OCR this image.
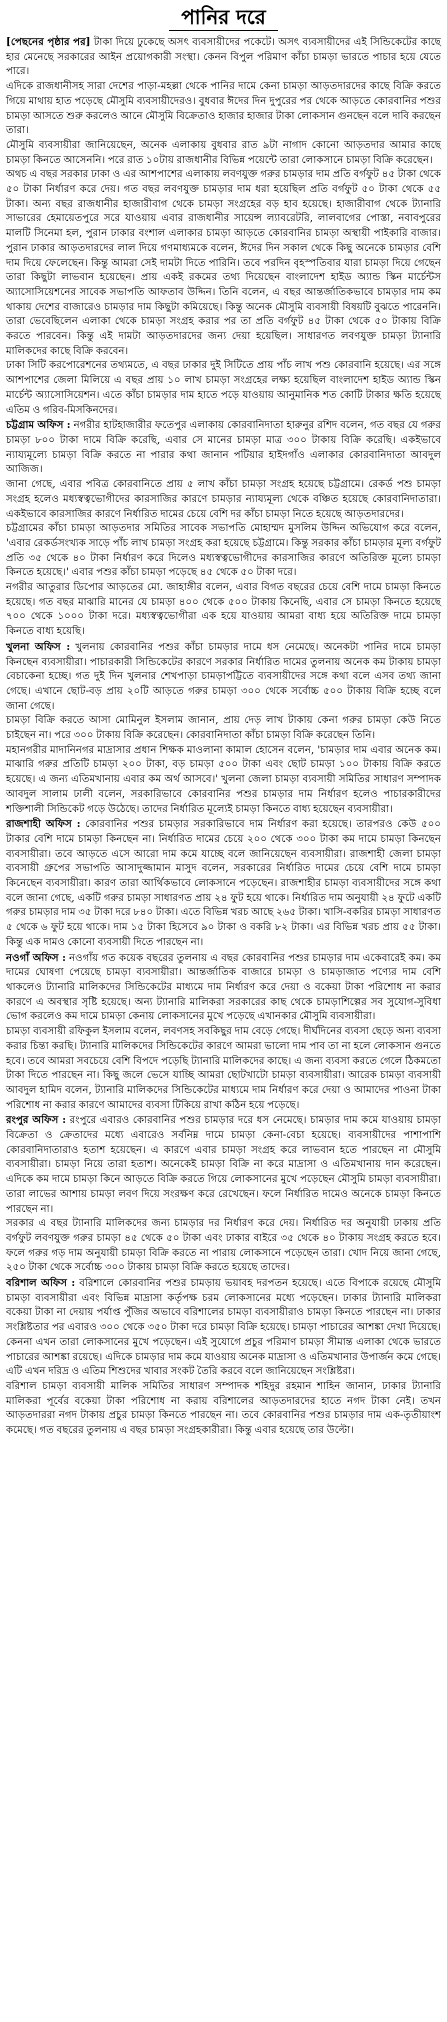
পানির দরে

[পেছনের পৃষ্ঠার পর] টাকা দিয়ে ঢুকেছে অসৎ ব্যবসায়ীদের পকেটে। অসৎ ব্যবসায়ীদের এই সিন্ডিকেটের কাছে হার মেনেছে সরকারের আইন প্রয়োগকারী সংস্থা। কেনন বিপুল পরিমাণ কাঁচা চামড়া ভারতে পাচার হয়ে যেতে পারে।

এদিকে রাজধানীসহ সারা দেশের পাড়া-মহল্লা থেকে পানির দামে কেনা চামড়া আড়তদারদের কাছে বিক্রি করতে গিয়ে মাথায় হাত পড়েছে মৌসুমি ব্যবসায়ীদেরও। বুধবার ঈদের দিন দুপুরের পর থেকে আড়তে কোরবানির পশুর চামড়া আসতে শুরু করলেও আনে মৌসুমি বিক্রেতাও হাজার হাজার টাকা লোকসান গুনছেন বলে দাবি করছেন তারা।

মৌসুমি ব্যবসায়ীরা জানিয়েছেন, অনেক এলাকায় বুধবার রাত ৯টা নাগাদ কোনো আড়তদার আমার কাছে চামড়া কিনতে আসেননি। পরে রাত ১০টায় রাজধানীর বিভিন্ন পয়েন্টে তারা লোকসানে চামড়া বিক্রি করেছেন।

অথচ এ বছর সরকার ঢাকা ও এর আশপাশের এলাকায় লবণযুক্ত গরুর চামড়ার দাম প্রতি বর্গফুট ৪৫ টাকা থেকে ৫০ টাকা নির্ধারণ করে দেয়। গত বছর লবণযুক্ত চামড়ার দাম ধরা হয়েছিল প্রতি বর্গফুট ৫০ টাকা থেকে ৫৫ টাকা। অন্য বছর রাজধানীর হাজারীবাগ থেকে চামড়া সংগ্রহের বড় হাব হয়েছে। হাজারীবাগ থেকে ট্যানারি সাভারের হেমায়েতপুরে সরে যাওয়ায় এবার রাজধানীর সায়েন্স ল্যাবরেটরি, লালবাগের পোস্তা, নবাবপুরের মালটি সিনেমা হল, পুরান ঢাকার বংশাল এলাকার চামড়া আড়তে কোরবানির চামড়া অস্থায়ী পাইকারি বাজার। পুরান ঢাকার আড়তদারদের লাল দিয়ে গণমাধ্যমকে বলেন, ঈদের দিন সকাল থেকে কিছু অনেকে চামড়ার বেশি দাম দিয়ে ফেলেছেন। কিন্তু আমরা সেই দামটা দিতে পারিনি। তবে পরদিন বৃহস্পতিবার যারা চামড়া দিয়ে গেছেন তারা কিছুটা লাভবান হয়েছেন। প্রায় একই রকমের তথ্য দিয়েছেন বাংলাদেশ হাইড অ্যান্ড স্কিন মার্চেন্টস অ্যাসোসিয়েশনের সাবেক সভাপতি আফতাব উদ্দিন। তিনি বলেন, এ বছর আন্তর্জাতিকভাবে চামড়ার দাম কম থাকায় দেশের বাজারেও চামড়ার দাম কিছুটা কমিয়েছে। কিন্তু অনেক মৌসুমি ব্যবসায়ী বিষয়টি বুঝতে পারেননি। তারা ভেবেছিলেন এলাকা থেকে চামড়া সংগ্রহ করার পর তা প্রতি বর্গফুট ৪৫ টাকা থেকে ৫০ টাকায় বিক্রি করতে পারবেন। কিন্তু এই দামটা আড়তদারদের জন্য দেয়া হয়েছিল। সাধারণত লবণযুক্ত চামড়া ট্যানারি মালিকদের কাছে বিক্রি করবেন।

ঢাকা সিটি করপোরেশনের তথ্যমতে, এ বছর ঢাকার দুই সিটিতে প্রায় পাঁচ লাখ পশু কোরবানি হয়েছে। এর সঙ্গে আশপাশের জেলা মিলিয়ে এ বছর প্রায় ১০ লাখ চামড়া সংগ্রহের লক্ষ্য হয়েছিল বাংলাদেশ হাইড অ্যান্ড স্কিন মার্চেন্ট অ্যাসোসিয়েশন। এতে কাঁচা চামড়ার দাম হাতে পড়ে যাওয়ায় আনুমানিক শত কোটি টাকার ক্ষতি হয়েছে এতিম ও গরিব-মিসকিনদের।

চট্টগ্রাম অফিস : নগরীর হাটহাজারীর ফতেপুর এলাকায় কোরবানিদাতা হারুনুর রশিদ বলেন, গত বছর যে গরুর চামড়া ৮০০ টাকা দামে বিক্রি করেছি, এবার সে মানের চামড়া মাত্র ৩০০ টাকায় বিক্রি করেছি। একইভাবে ন্যায্যমূল্যে চামড়া বিক্রি করতে না পারার কথা জানান পটিয়ার হাইদগাঁও এলাকার কোরবানিদাতা আবদুল আজিজ।

জানা গেছে, এবার পবিত্র কোরবানিতে প্রায় ৫ লাখ কাঁচা চামড়া সংগ্রহ হয়েছে চট্টগ্রামে। রেকর্ড পশু চামড়া সংগ্রহ হলেও মধ্যস্বত্বভোগীদের কারসাজির কারণে চামড়ার ন্যায্যমূল্য থেকে বঞ্চিত হয়েছে কোরবানিদাতারা। একইভাবে কারসাজির কারণে নির্ধারিত দামের চেয়ে বেশি দর কাঁচা চামড়া নিতে হয়েছে আড়তদারদের।

চট্টগ্রামের কাঁচা চামড়া আড়তদার সমিতির সাবেক সভাপতি মোহাম্মদ মুসলিম উদ্দিন অভিযোগ করে বলেন, 'এবার রেকর্ডসংখ্যক সাড়ে পাঁচ লাখ চামড়া সংগ্রহ করা হয়েছে চট্টগ্রামে। কিন্তু সরকার কাঁচা চামড়ার মূল্য বর্গফুট প্রতি ৩৫ থেকে ৪০ টাকা নির্ধারণ করে দিলেও মধ্যস্বত্বভোগীদের কারসাজির কারণে অতিরিক্ত মূল্যে চামড়া কিনতে হয়েছে।' এবার পশুর কাঁচা চামড়া পড়েছে ৪৫ থেকে ৫০ টাকা দরে।

নগরীর আতুরার ডিপোর আড়তের মো. জাহাঙ্গীর বলেন, এবার বিগত বছরের চেয়ে বেশি দামে চামড়া কিনতে হয়েছে। গত বছর মাঝারি মানের যে চামড়া ৪০০ থেকে ৫০০ টাকায় কিনেছি, এবার সে চামড়া কিনতে হয়েছে ৭০০ থেকে ১০০০ টাকা দরে। মধ্যস্বত্বভোগীরা এক হয়ে যাওয়ায় আমরা বাধ্য হয়ে অতিরিক্ত দামে চামড়া কিনতে বাধ্য হয়েছি।

খুলনা অফিস : খুলনায় কোরবানির পশুর কাঁচা চামড়ার দামে ধস নেমেছে। অনেকটা পানির দামে চামড়া কিনছেন ব্যবসায়ীরা। পাচারকারী সিন্ডিকেটের কারণে সরকার নির্ধারিত দামের তুলনায় অনেক কম টাকায় চামড়া বেচাকেনা হচ্ছে। গত দুই দিন খুলনার শেখপাড়া চামড়াপট্টিতে ব্যবসায়ীদের সঙ্গে কথা বলে এসব তথ্য জানা গেছে। এখানে ছোট-বড় প্রায় ২০টি আড়তে গরুর চামড়া ৩০০ থেকে সর্বোচ্চ ৫০০ টাকায় বিক্রি হচ্ছে বলে জানা গেছে।

চামড়া বিক্রি করতে আসা মোমিনুল ইসলাম জানান, প্রায় দেড় লাখ টাকায় কেনা গরুর চামড়া কেউ নিতে চাইছেন না। পরে ৩০০ টাকায় বিক্রি করেছেন। কোরবানিদাতা কাঁচা চামড়া বিক্রি করেছেন তিনি।

মহানগরীর মাদানিনগর মাদ্রাসার প্রধান শিক্ষক মাওলানা কামাল হোসেন বলেন, 'চামড়ার দাম এবার অনেক কম। মাঝারি গরুর প্রতিটি চামড়া ২০০ টাকা, বড় চামড়া ৫০০ টাকা এবং ছোট চামড়া ১০০ টাকায় বিক্রি করতে হয়েছে। এ জন্য এতিমখানায় এবার কম অর্থ আসবে।' খুলনা জেলা চামড়া ব্যবসায়ী সমিতির সাধারণ সম্পাদক আবদুল সালাম ঢালী বলেন, সরকারিভাবে কোরবানির পশুর চামড়ার দাম নির্ধারণ হলেও পাচারকারীদের শক্তিশালী সিন্ডিকেট গড়ে উঠেছে। তাদের নির্ধারিত মূল্যেই চামড়া কিনতে বাধ্য হয়েছেন ব্যবসায়ীরা।

রাজশাহী অফিস : কোরবানির পশুর চামড়ার সরকারিভাবে দাম নির্ধারণ করা হয়েছে। তারপরও কেউ ৫০০ টাকার বেশি দামে চামড়া কিনছেন না। নির্ধারিত দামের চেয়ে ২০০ থেকে ৩০০ টাকা কম দামে চামড়া কিনছেন ব্যবসায়ীরা। তবে আড়তে এসে আরো দাম কমে যাচ্ছে বলে জানিয়েছেন ব্যবসায়ীরা। রাজশাহী জেলা চামড়া ব্যবসায়ী গ্রুপের সভাপতি আসাদুজ্জামান মাসুদ বলেন, সরকারের নির্ধারিত দামের চেয়ে বেশি দামে চামড়া কিনেছেন ব্যবসায়ীরা। কারণ তারা আর্থিকভাবে লোকসানে পড়েছেন। রাজশাহীর চামড়া ব্যবসায়ীদের সঙ্গে কথা বলে জানা গেছে, একটি গরুর চামড়া সাধারণত প্রায় ২৪ ফুট হয়ে থাকে। নির্ধারিত দাম অনুযায়ী ২৪ ফুটে একটি গরুর চামড়ার দাম ৩৫ টাকা দরে ৮৪০ টাকা। এতে বিভিন্ন খরচ আছে ২৬৫ টাকা। খাসি-বকরির চামড়া সাধারণত ৫ থেকে ৬ ফুট হয়ে থাকে। দাম ১৫ টাকা হিসেবে ৯০ টাকা ও বকরি ৮২ টাকা। এর বিভিন্ন খরচ প্রায় ৫৫ টাকা। কিন্তু এক দামও কোনো ব্যবসায়ী দিতে পারছেন না।

নওগাঁ অফিস : নওগাঁয় গত কয়েক বছরের তুলনায় এ বছর কোরবানির পশুর চামড়ার দাম একেবারেই কম। কম দামের ঘোষণা পেয়েছে চামড়া ব্যবসায়ীরা। আন্তর্জাতিক বাজারে চামড়া ও চামড়াজাত পণ্যের দাম বেশি থাকলেও ট্যানারি মালিকদের সিন্ডিকেটের মাধ্যমে দাম নির্ধারণ করে দেয়া ও বকেয়া টাকা পরিশোধ না করার কারণে এ অবস্থার সৃষ্টি হয়েছে। অন্য ট্যানারি মালিকরা সরকারের কাছ থেকে চামড়াশিল্পের সব সুযোগ-সুবিধা ভোগ করলেও কম দামে চামড়া কেনায় লোকসানের মুখে পড়েছে এখানকার মৌসুমি ব্যবসায়ীরা।

চামড়া ব্যবসায়ী রফিকুল ইসলাম বলেন, লবণসহ সবকিছুর দাম বেড়ে গেছে। দীর্ঘদিনের ব্যবসা ছেড়ে অন্য ব্যবসা করার চিন্তা করছি। ট্যানারি মালিকদের সিন্ডিকেটের কারণে আমরা ভালো দাম পাব তা না হলে লোকসান গুনতে হবে। তবে আমরা সবচেয়ে বেশি বিপদে পড়েছি ট্যানারি মালিকদের কাছে। এ জন্য ব্যবসা করতে গেলে ঠিকমতো টাকা দিতে পারছেন না। কিছু জলে ভেসে যাচ্ছি আমরা ছোটখাটো চামড়া ব্যবসায়ীরা। আরেক চামড়া ব্যবসায়ী আবদুল হামিদ বলেন, ট্যানারি মালিকদের সিন্ডিকেটের মাধ্যমে দাম নির্ধারণ করে দেয়া ও আমাদের পাওনা টাকা পরিশোধ না করার কারণে আমাদের ব্যবসা টিকিয়ে রাখা কঠিন হয়ে পড়েছে।

রংপুর অফিস : রংপুরে এবারও কোরবানির পশুর চামড়ার দরে ধস নেমেছে। চামড়ার দাম কমে যাওয়ায় চামড়া বিক্রেতা ও ক্রেতাদের মধ্যে এবারেও সর্বনিম্ন দামে চামড়া কেনা-বেচা হয়েছে। ব্যবসায়ীদের পাশাপাশি কোরবানিদাতারাও হতাশ হয়েছেন। এ কারণে এবার চামড়া সংগ্রহ করে লাভবান হতে পারছেন না মৌসুমি ব্যবসায়ীরা। চামড়া নিয়ে তারা হতাশ। অনেকেই চামড়া বিক্রি না করে মাদ্রাসা ও এতিমখানায় দান করেছেন। এদিকে কম দামে চামড়া কিনে আড়তে বিক্রি করতে গিয়ে লোকসানের মুখে পড়েছেন মৌসুমি চামড়া ব্যবসায়ীরা। তারা লাভের আশায় চামড়া লবণ দিয়ে সংরক্ষণ করে রেখেছেন। ফলে নির্ধারিত দামেও অনেকে চামড়া কিনতে পারছেন না।

সরকার এ বছর ট্যানারি মালিকদের জন্য চামড়ার দর নির্ধারণ করে দেয়। নির্ধারিত দর অনুযায়ী ঢাকায় প্রতি বর্গফুট লবণযুক্ত গরুর চামড়া ৪৫ থেকে ৫০ টাকা এবং ঢাকার বাইরে ৩৫ থেকে ৪০ টাকায় সংগ্রহ করতে হবে। ফলে গরুর গড় দাম অনুযায়ী চামড়া বিক্রি করতে না পারায় লোকসানে পড়েছেন তারা। খোদ নিয়ে জানা গেছে, ২৫০ টাকা থেকে সর্বোচ্চ ৩০০ টাকায় চামড়া বিক্রি করতে হয়েছে তাদের।

বরিশাল অফিস : বরিশালে কোরবানির পশুর চামড়ায় ভয়াবহ দরপতন হয়েছে। এতে বিপাকে রয়েছে মৌসুমি চামড়া ব্যবসায়ীরা এবং বিভিন্ন মাদ্রাসা কর্তৃপক্ষ চরম লোকসানের মধ্যে পড়েছেন। ঢাকার ট্যানারি মালিকরা বকেয়া টাকা না দেয়ায় পর্যাপ্ত পুঁজির অভাবে বরিশালের চামড়া ব্যবসায়ীরাও চামড়া কিনতে পারছেন না। ঢাকার সংশ্লিষ্টতার পর এবারও ৩০০ থেকে ৩৫০ টাকা দরে চামড়া বিক্রি হয়েছে। চামড়া পাচারের আশঙ্কা দেখা দিয়েছে। কেননা এখন তারা লোকসানের মুখে পড়েছেন। এই সুযোগে প্রচুর পরিমাণ চামড়া সীমান্ত এলাকা থেকে ভারতে পাচারের আশঙ্কা রয়েছে। এদিকে চামড়ার দাম কমে যাওয়ায় অনেক মাদ্রাসা ও এতিমখানার উপার্জন কমে গেছে। এটি এখন দরিদ্র ও এতিম শিশুদের খাবার সংকট তৈরি করবে বলে জানিয়েছেন সংশ্লিষ্টরা।

বরিশাল চামড়া ব্যবসায়ী মালিক সমিতির সাধারণ সম্পাদক শহিদুর রহমান শাহিন জানান, ঢাকার ট্যানারি মালিকরা পূর্বের বকেয়া টাকা পরিশোধ না করায় বরিশালের আড়তদারদের হাতে নগদ টাকা নেই। তখন আড়তদাররা নগদ টাকায় প্রচুর চামড়া কিনতে পারছেন না। তবে কোরবানির পশুর চামড়ার দাম এক-তৃতীয়াংশ কমেছে। গত বছরের তুলনায় এ বছর চামড়া সংগ্রহকারীরা। কিন্তু এবার হয়েছে তার উল্টো।
